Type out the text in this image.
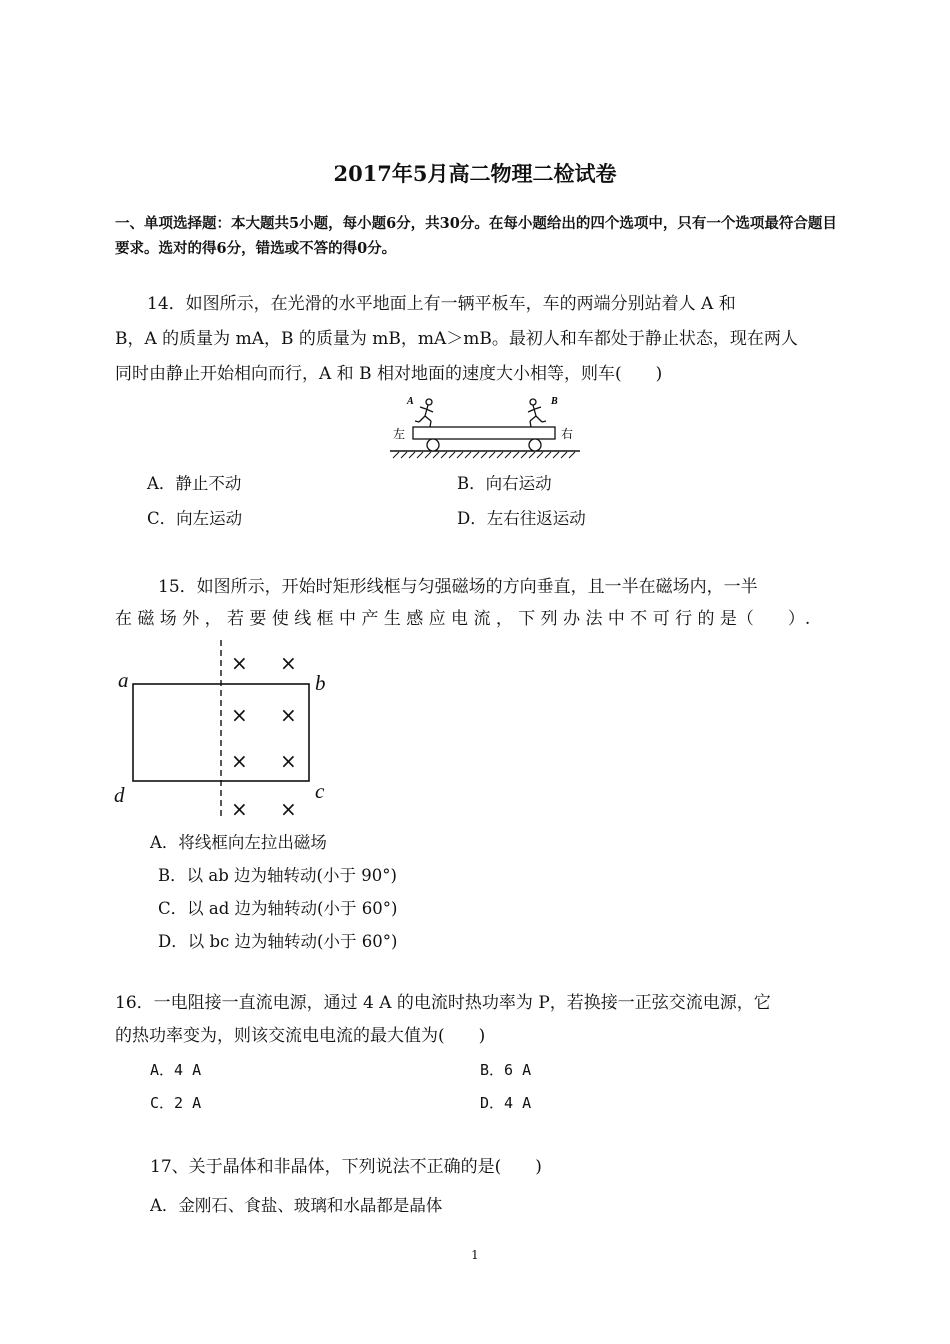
2017年5月高二物理二检试卷
一、单项选择题：本大题共5小题，每小题6分，共30分。在每小题给出的四个选项中，只有一个选项最符合题目要求。选对的得6分，错选或不答的得0分。
14．如图所示，在光滑的水平地面上有一辆平板车，车的两端分别站着人 A 和
B，A 的质量为 mA，B 的质量为 mB，mA＞mB。最初人和车都处于静止状态，现在两人
同时由静止开始相向而行，A 和 B 相对地面的速度大小相等，则车(　　)
A	B
左	右
A．静止不动	B．向右运动
C．向左运动	D．左右往返运动
15．如图所示，开始时矩形线框与匀强磁场的方向垂直，且一半在磁场内，一半
在 磁 场 外 ， 若 要 使 线 框 中 产 生 感 应 电 流 ， 下 列 办 法 中 不 可 行 的 是（　　）.
× ×
× ×
× ×
× ×
a	b
c
d
A．将线框向左拉出磁场
B．以 ab 边为轴转动(小于 90°)
C．以 ad 边为轴转动(小于 60°)
D．以 bc 边为轴转动(小于 60°)
16．一电阻接一直流电源，通过 4 A 的电流时热功率为 P，若换接一正弦交流电源，它
的热功率变为，则该交流电电流的最大值为(　　)
A．4 A	B．6 A
C．2 A	D．4 A
17、关于晶体和非晶体，下列说法不正确的是(　　)
A．金刚石、食盐、玻璃和水晶都是晶体
1
